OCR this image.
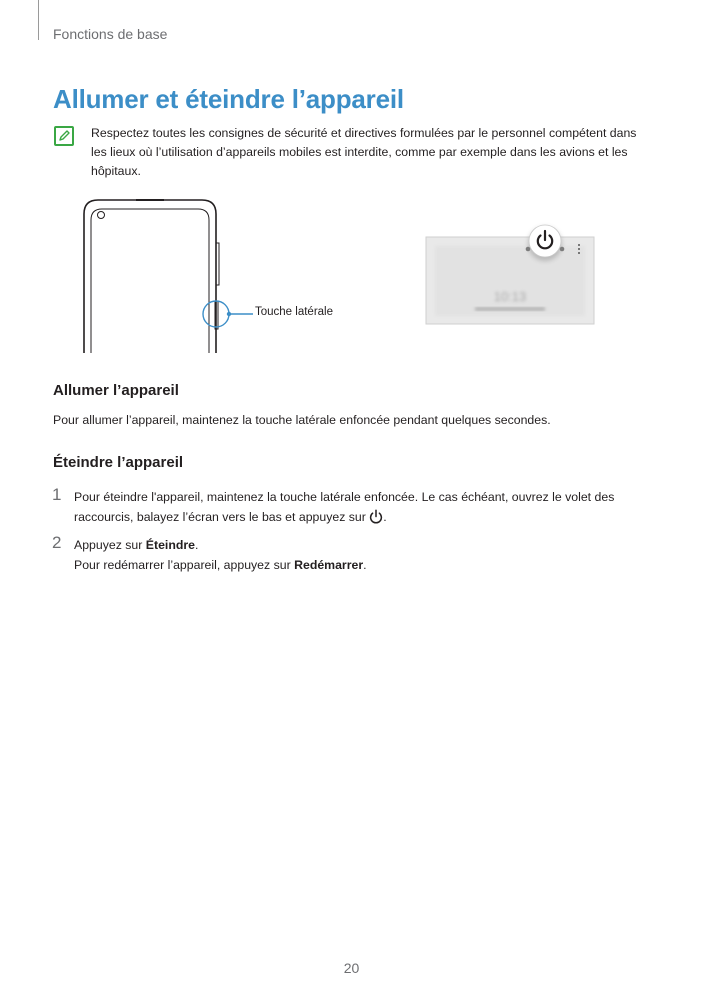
Fonctions de base
Allumer et éteindre l’appareil
Respectez toutes les consignes de sécurité et directives formulées par le personnel compétent dans les lieux où l’utilisation d’appareils mobiles est interdite, comme par exemple dans les avions et les hôpitaux.
Touche latérale
10:13
Allumer l’appareil
Pour allumer l’appareil, maintenez la touche latérale enfoncée pendant quelques secondes.
Éteindre l’appareil
1 Pour éteindre l'appareil, maintenez la touche latérale enfoncée. Le cas échéant, ouvrez le volet des raccourcis, balayez l’écran vers le bas et appuyez sur .
2 Appuyez sur Éteindre.
Pour redémarrer l’appareil, appuyez sur Redémarrer.
20
